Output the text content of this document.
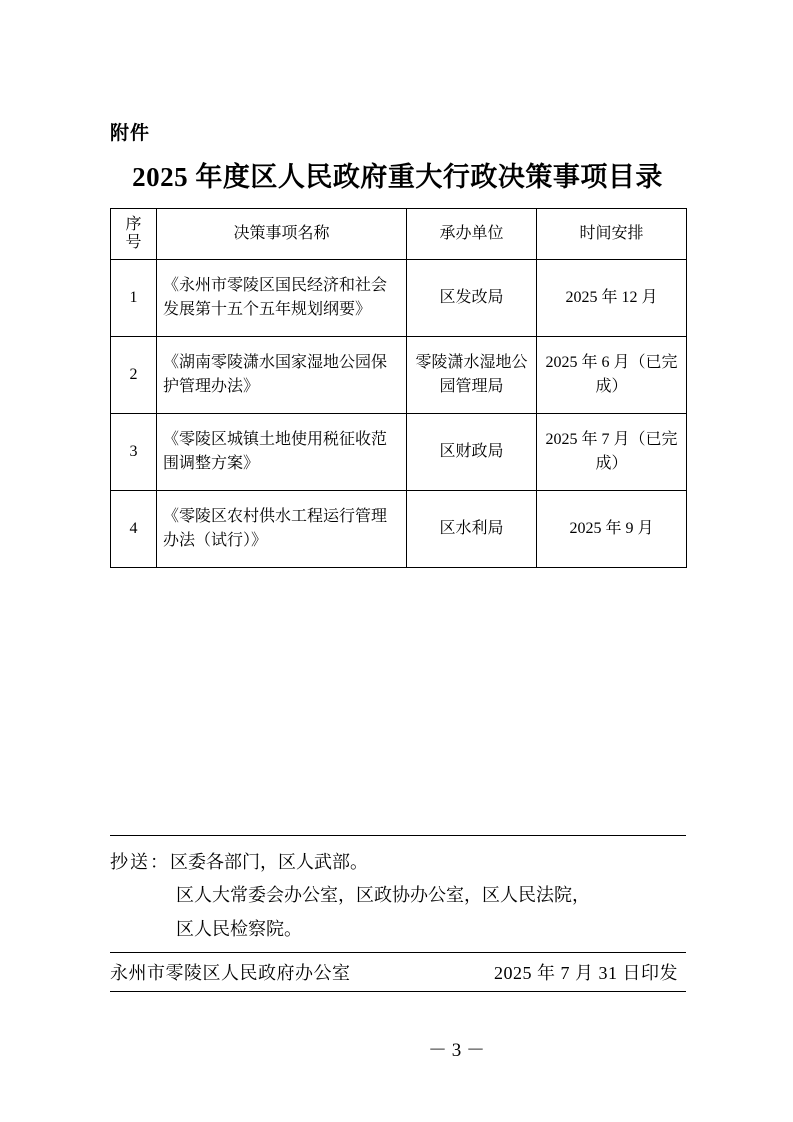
附件
2025 年度区人民政府重大行政决策事项目录
序
号	决策事项名称	承办单位	时间安排
1	《永州市零陵区国民经济和社会发展第十五个五年规划纲要》	区发改局	2025 年 12 月
2	《湖南零陵潇水国家湿地公园保护管理办法》	零陵潇水湿地公园管理局	2025 年 6 月（已完成）
3	《零陵区城镇土地使用税征收范围调整方案》	区财政局	2025 年 7 月（已完成）
4	《零陵区农村供水工程运行管理办法（试行）》	区水利局	2025 年 9 月
抄送：区委各部门，区人武部。
区人大常委会办公室，区政协办公室，区人民法院，
区人民检察院。
永州市零陵区人民政府办公室	2025 年 7 月 31 日印发
－ 3 －
